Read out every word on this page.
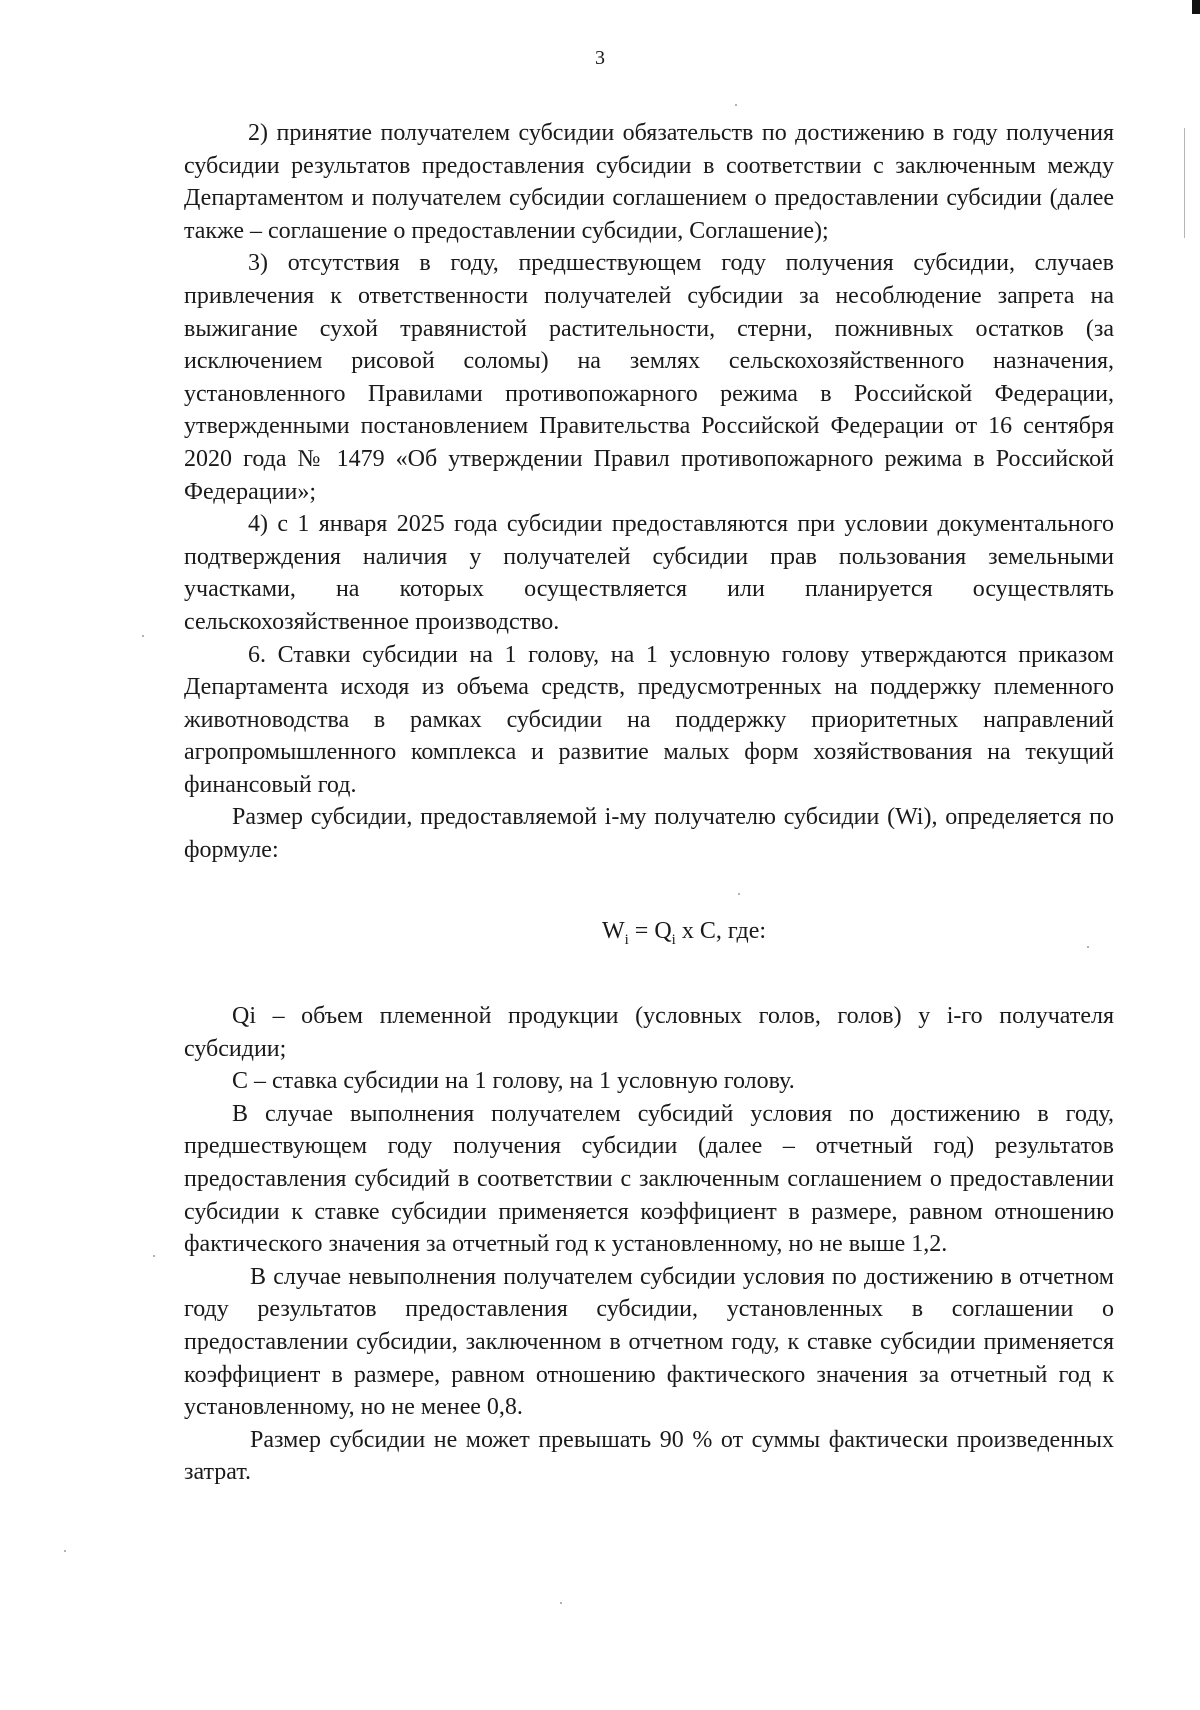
3

2) принятие получателем субсидии обязательств по достижению в году получения субсидии результатов предоставления субсидии в соответствии с заключенным между Департаментом и получателем субсидии соглашением о предоставлении субсидии (далее также – соглашение о предоставлении субсидии, Соглашение);

3) отсутствия в году, предшествующем году получения субсидии, случаев привлечения к ответственности получателей субсидии за несоблюдение запрета на выжигание сухой травянистой растительности, стерни, пожнивных остатков (за исключением рисовой соломы) на землях сельскохозяйственного назначения, установленного Правилами противопожарного режима в Российской Федерации, утвержденными постановлением Правительства Российской Федерации от 16 сентября 2020 года № 1479 «Об утверждении Правил противопожарного режима в Российской Федерации»;

4) с 1 января 2025 года субсидии предоставляются при условии документального подтверждения наличия у получателей субсидии прав пользования земельными участками, на которых осуществляется или планируется осуществлять сельскохозяйственное производство.

6. Ставки субсидии на 1 голову, на 1 условную голову утверждаются приказом Департамента исходя из объема средств, предусмотренных на поддержку племенного животноводства в рамках субсидии на поддержку приоритетных направлений агропромышленного комплекса и развитие малых форм хозяйствования на текущий финансовый год.

Размер субсидии, предоставляемой i-му получателю субсидии (Wi), определяется по формуле:

$W_i = Q_i$ x С, где:

Qi – объем племенной продукции (условных голов, голов) у i-го получателя субсидии;

С – ставка субсидии на 1 голову, на 1 условную голову.

В случае выполнения получателем субсидий условия по достижению в году, предшествующем году получения субсидии (далее – отчетный год) результатов предоставления субсидий в соответствии с заключенным соглашением о предоставлении субсидии к ставке субсидии применяется коэффициент в размере, равном отношению фактического значения за отчетный год к установленному, но не выше 1,2.

В случае невыполнения получателем субсидии условия по достижению в отчетном году результатов предоставления субсидии, установленных в соглашении о предоставлении субсидии, заключенном в отчетном году, к ставке субсидии применяется коэффициент в размере, равном отношению фактического значения за отчетный год к установленному, но не менее 0,8.

Размер субсидии не может превышать 90 % от суммы фактически произведенных затрат.
